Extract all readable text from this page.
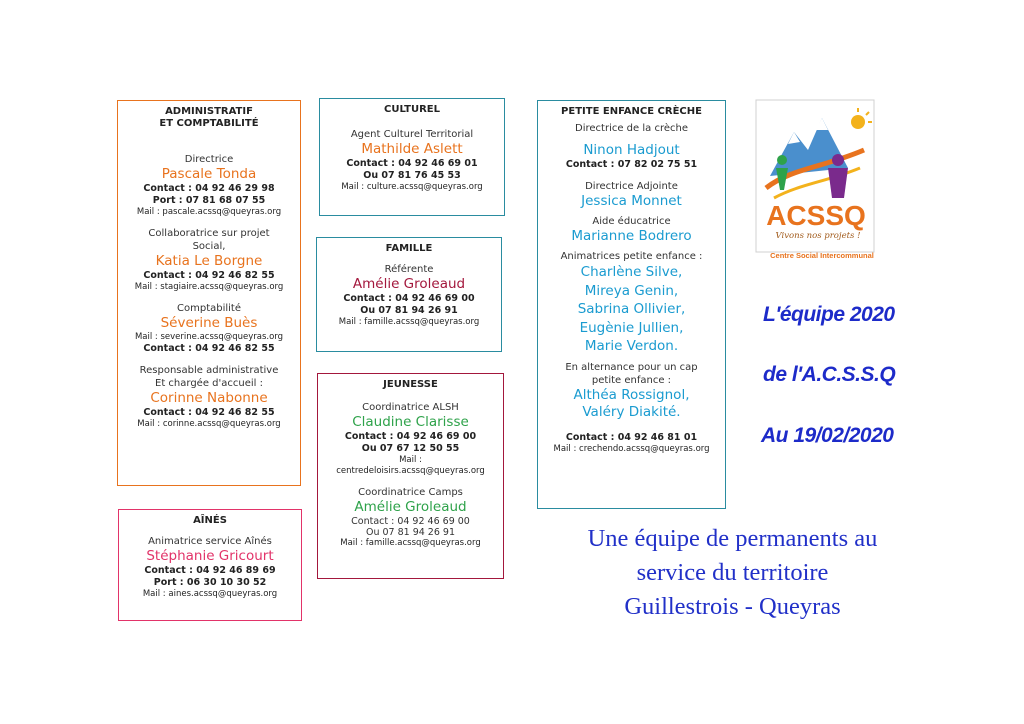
ADMINISTRATIF
ET COMPTABILITÉ
Directrice
Pascale Tonda
Contact : 04 92 46 29 98
Port : 07 81 68 07 55
Mail : pascale.acssq@queyras.org
Collaboratrice sur projet
Social,
Katia Le Borgne
Contact : 04 92 46 82 55
Mail : stagiaire.acssq@queyras.org
Comptabilité
Séverine Buès
Mail : severine.acssq@queyras.org
Contact : 04 92 46 82 55
Responsable administrative
Et chargée d'accueil :
Corinne Nabonne
Contact : 04 92 46 82 55
Mail : corinne.acssq@queyras.org
AÎNÉS
Animatrice service Aînés
Stéphanie Gricourt
Contact : 04 92 46 89 69
Port : 06 30 10 30 52
Mail : aines.acssq@queyras.org
CULTUREL
Agent Culturel Territorial
Mathilde Aslett
Contact : 04 92 46 69 01
Ou 07 81 76 45 53
Mail : culture.acssq@queyras.org
FAMILLE
Référente
Amélie Groleaud
Contact : 04 92 46 69 00
Ou 07 81 94 26 91
Mail : famille.acssq@queyras.org
JEUNESSE
Coordinatrice ALSH
Claudine Clarisse
Contact : 04 92 46 69 00
Ou 07 67 12 50 55
Mail :
centredeloisirs.acssq@queyras.org
Coordinatrice Camps
Amélie Groleaud
Contact : 04 92 46 69 00
Ou 07 81 94 26 91
Mail : famille.acssq@queyras.org
PETITE ENFANCE CRÈCHE
Directrice de la crèche
Ninon Hadjout
Contact : 07 82 02 75 51
Directrice Adjointe
Jessica Monnet
Aide éducatrice
Marianne Bodrero
Animatrices petite enfance :
Charlène Silve,
Mireya Genin,
Sabrina Ollivier,
Eugènie Jullien,
Marie Verdon.
En alternance pour un cap
petite enfance :
Althéa Rossignol,
Valéry Diakité.
Contact : 04 92 46 81 01
Mail : crechendo.acssq@queyras.org
ACSSQ
Vivons nos projets !
Centre Social Intercommunal
L'équipe 2020
de l'A.C.S.S.Q
Au 19/02/2020
Une équipe de permanents au
service du territoire
Guillestrois - Queyras
